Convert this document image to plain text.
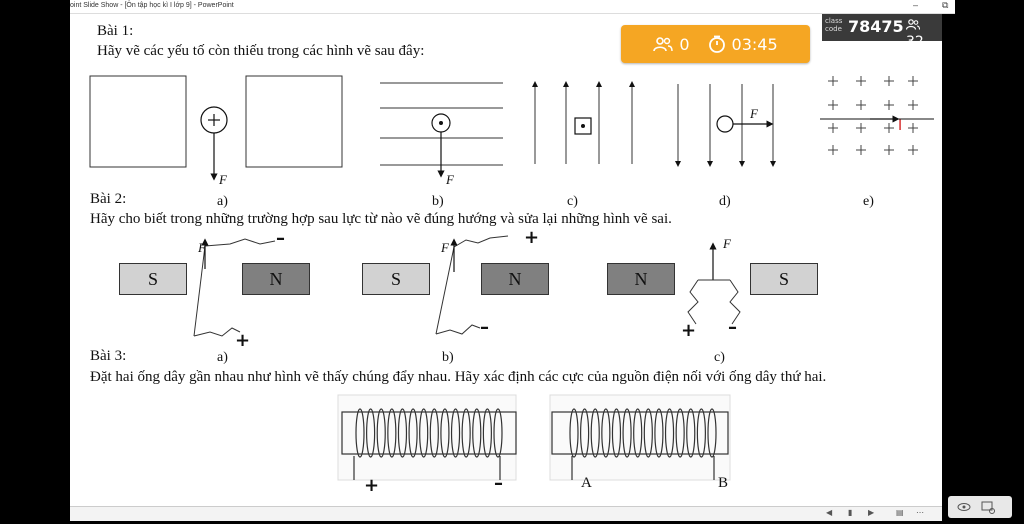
oint Slide Show - [Ôn tập học kì I lớp 9] - PowerPoint	–	⧉
Bài 1:
Hãy vẽ các yếu tố còn thiếu trong các hình vẽ sau đây:
F	F
F
I
a)	b)	c)	d)	e)
Bài 2:
Hãy cho biết trong những trường hợp sau lực từ nào vẽ đúng hướng và sửa lại những hình vẽ sai.
S	N	S	N	N	S
F	F	F
–
+
+
–	+ –
a)	b)	c)
Bài 3:
Đặt hai ống dây gần nhau như hình vẽ thấy chúng đẩy nhau. Hãy xác định các cực của nguồn điện nối với ống dây thứ hai.
+	–	A	B
0	03:45
class
code 78475
32
◀ ▮ ▶	▤ ⋯
